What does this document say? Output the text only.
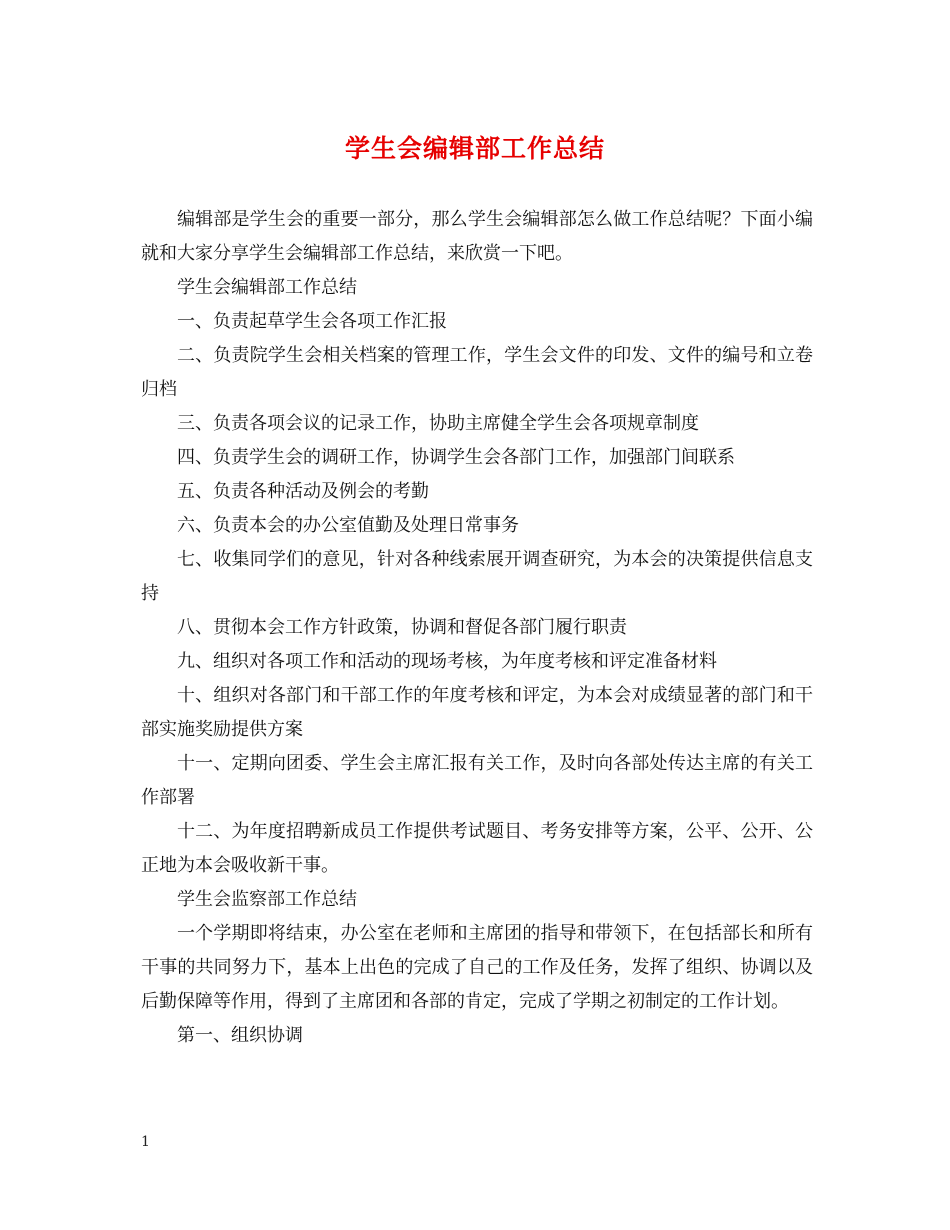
学生会编辑部工作总结

编辑部是学生会的重要一部分，那么学生会编辑部怎么做工作总结呢？下面小编就和大家分享学生会编辑部工作总结，来欣赏一下吧。

学生会编辑部工作总结

一、负责起草学生会各项工作汇报

二、负责院学生会相关档案的管理工作，学生会文件的印发、文件的编号和立卷归档

三、负责各项会议的记录工作，协助主席健全学生会各项规章制度

四、负责学生会的调研工作，协调学生会各部门工作，加强部门间联系

五、负责各种活动及例会的考勤

六、负责本会的办公室值勤及处理日常事务

七、收集同学们的意见，针对各种线索展开调查研究，为本会的决策提供信息支持

八、贯彻本会工作方针政策，协调和督促各部门履行职责

九、组织对各项工作和活动的现场考核，为年度考核和评定准备材料

十、组织对各部门和干部工作的年度考核和评定，为本会对成绩显著的部门和干部实施奖励提供方案

十一、定期向团委、学生会主席汇报有关工作，及时向各部处传达主席的有关工作部署

十二、为年度招聘新成员工作提供考试题目、考务安排等方案，公平、公开、公正地为本会吸收新干事。

学生会监察部工作总结

一个学期即将结束，办公室在老师和主席团的指导和带领下，在包括部长和所有干事的共同努力下，基本上出色的完成了自己的工作及任务，发挥了组织、协调以及后勤保障等作用，得到了主席团和各部的肯定，完成了学期之初制定的工作计划。

第一、组织协调

1
